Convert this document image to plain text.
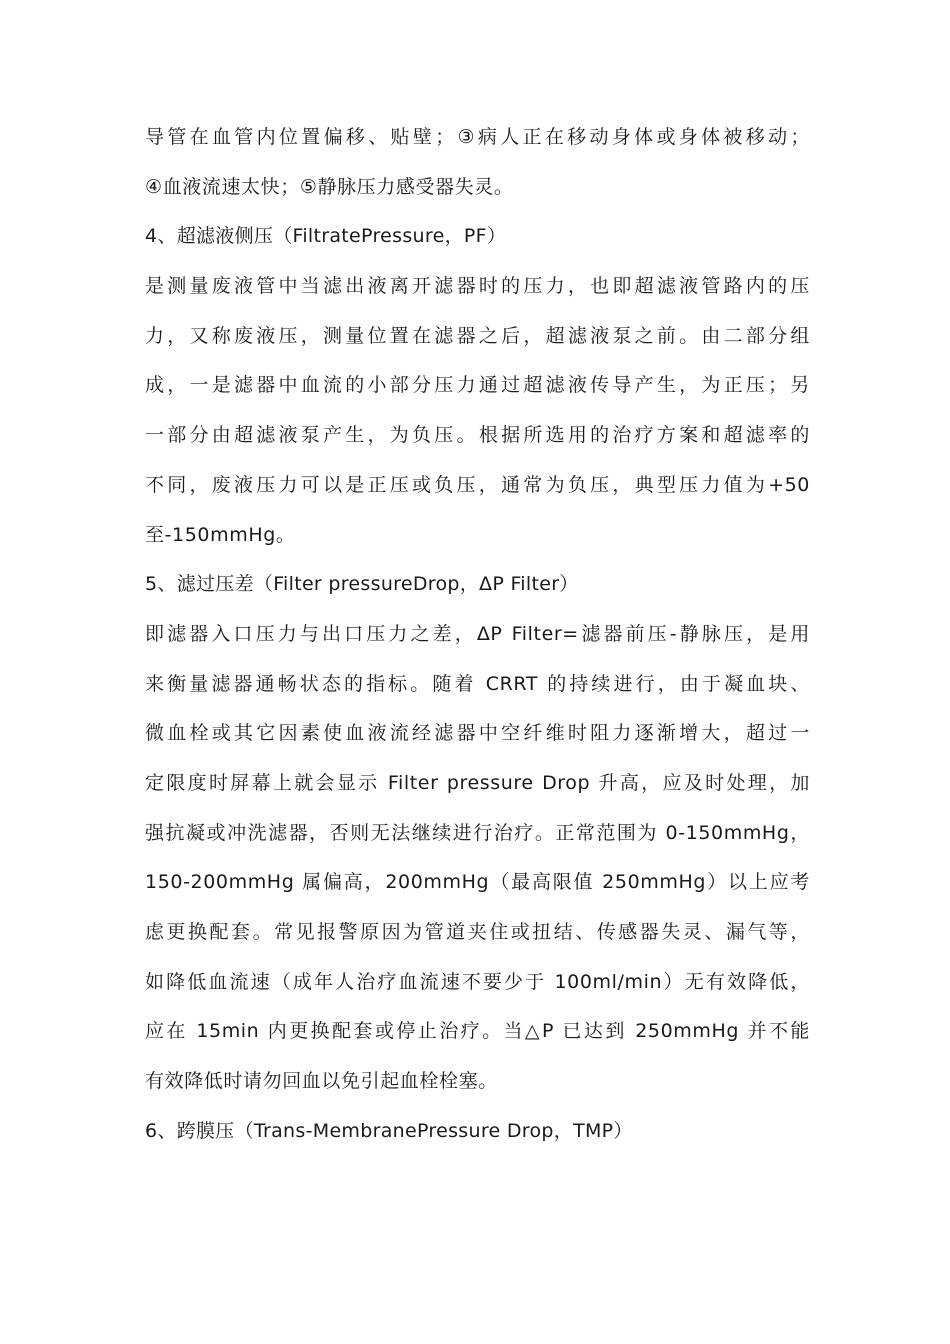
导管在血管内位置偏移、贴壁；③病人正在移动身体或身体被移动；
④血液流速太快；⑤静脉压力感受器失灵。
4、超滤液侧压（FiltratePressure，PF）
是测量废液管中当滤出液离开滤器时的压力，也即超滤液管路内的压
力，又称废液压，测量位置在滤器之后，超滤液泵之前。由二部分组
成，一是滤器中血流的小部分压力通过超滤液传导产生，为正压；另
一部分由超滤液泵产生，为负压。根据所选用的治疗方案和超滤率的
不同，废液压力可以是正压或负压，通常为负压，典型压力值为+50
至-150mmHg。
5、滤过压差（Filter pressureDrop，ΔP Filter）
即滤器入口压力与出口压力之差，ΔP Filter=滤器前压-静脉压，是用
来衡量滤器通畅状态的指标。随着 CRRT 的持续进行，由于凝血块、
微血栓或其它因素使血液流经滤器中空纤维时阻力逐渐增大，超过一
定限度时屏幕上就会显示 Filter pressure Drop 升高，应及时处理，加
强抗凝或冲洗滤器，否则无法继续进行治疗。正常范围为 0-150mmHg，
150-200mmHg 属偏高，200mmHg（最高限值 250mmHg）以上应考
虑更换配套。常见报警原因为管道夹住或扭结、传感器失灵、漏气等，
如降低血流速（成年人治疗血流速不要少于 100ml/min）无有效降低，
应在 15min 内更换配套或停止治疗。当△P 已达到 250mmHg 并不能
有效降低时请勿回血以免引起血栓栓塞。
6、跨膜压（Trans-MembranePressure Drop，TMP）
